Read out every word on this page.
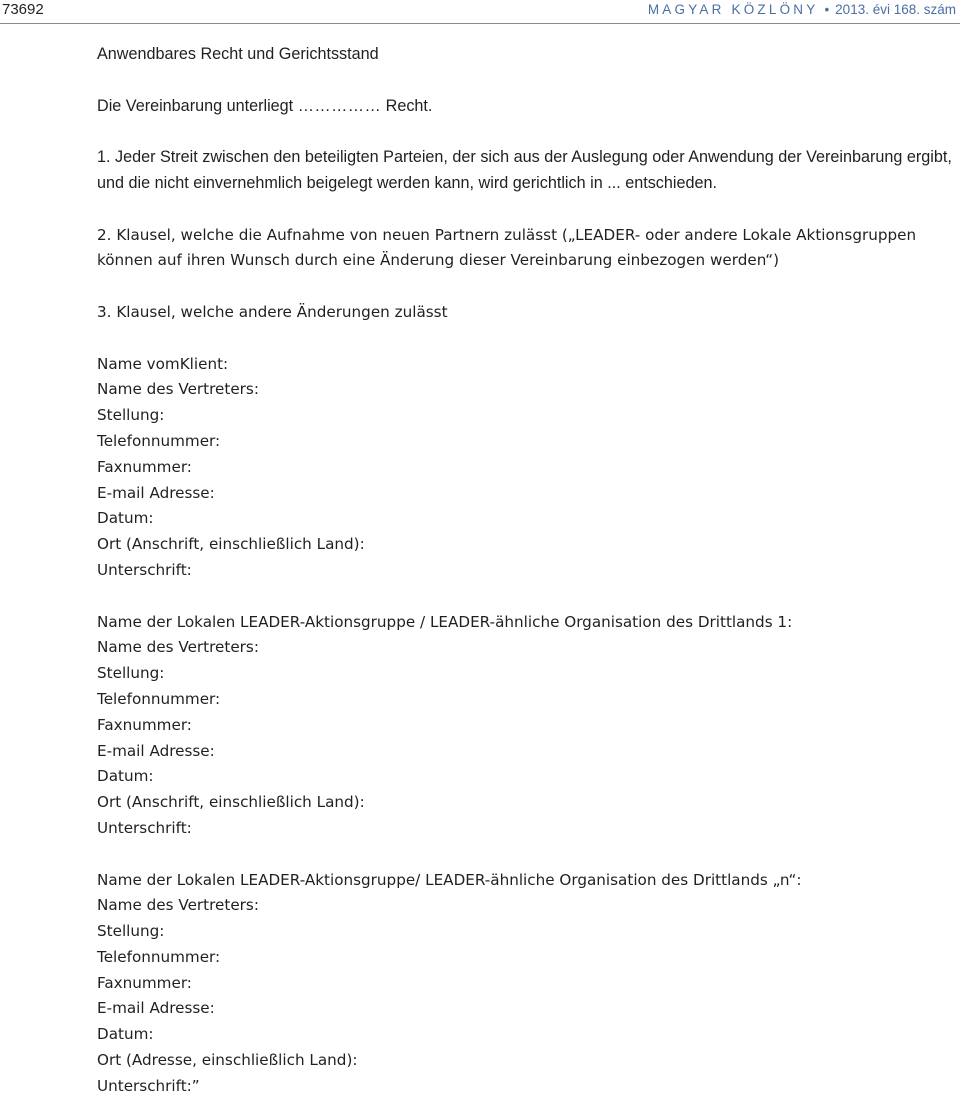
73692	MAGYAR KÖZLÖNY • 2013. évi 168. szám

Anwendbares Recht und Gerichtsstand

Die Vereinbarung unterliegt …………… Recht.

1. Jeder Streit zwischen den beteiligten Parteien, der sich aus der Auslegung oder Anwendung der Vereinbarung ergibt, und die nicht einvernehmlich beigelegt werden kann, wird gerichtlich in ... entschieden.

2. Klausel, welche die Aufnahme von neuen Partnern zulässt („LEADER- oder andere Lokale Aktionsgruppen können auf ihren Wunsch durch eine Änderung dieser Vereinbarung einbezogen werden“)

3. Klausel, welche andere Änderungen zulässt

Name vomKlient:

Name des Vertreters:

Stellung:

Telefonnummer:

Faxnummer:

E-mail Adresse:

Datum:

Ort (Anschrift, einschließlich Land):

Unterschrift:

Name der Lokalen LEADER-Aktionsgruppe / LEADER-ähnliche Organisation des Drittlands 1:

Name des Vertreters:

Stellung:

Telefonnummer:

Faxnummer:

E-mail Adresse:

Datum:

Ort (Anschrift, einschließlich Land):

Unterschrift:

Name der Lokalen LEADER-Aktionsgruppe/ LEADER-ähnliche Organisation des Drittlands „n“:

Name des Vertreters:

Stellung:

Telefonnummer:

Faxnummer:

E-mail Adresse:

Datum:

Ort (Adresse, einschließlich Land):

Unterschrift:”
